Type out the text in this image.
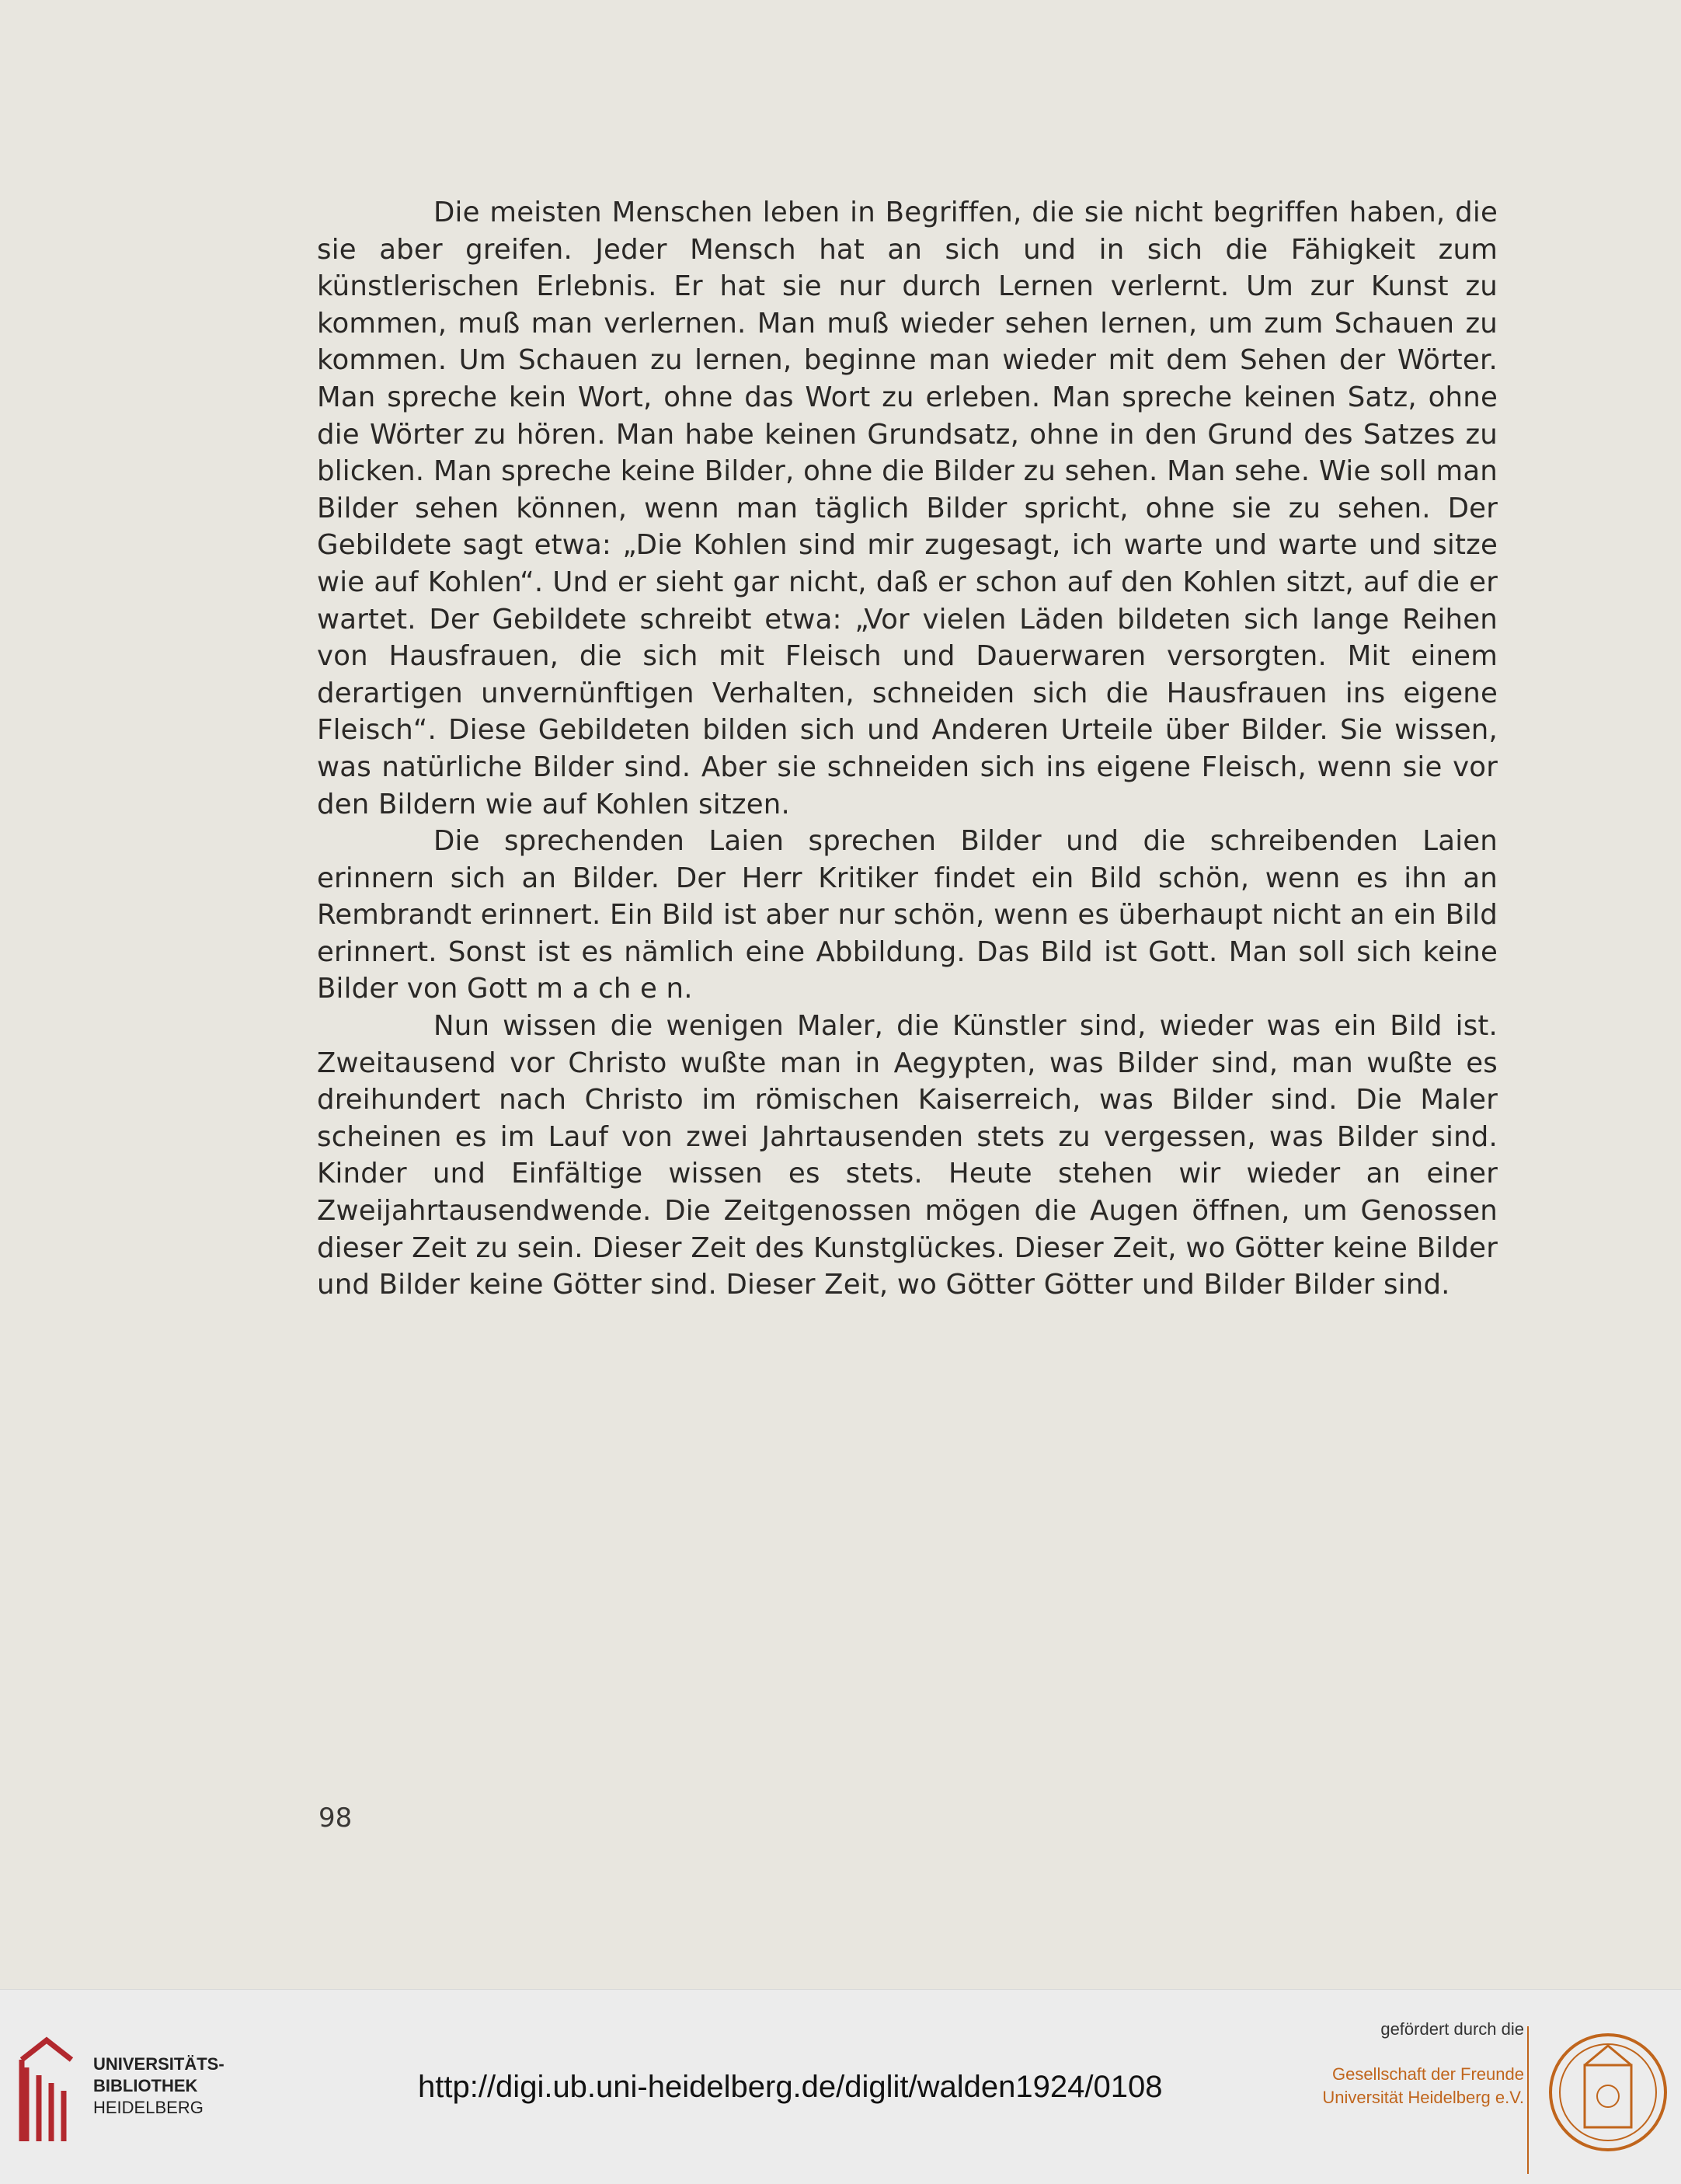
Die meisten Menschen leben in Begriffen, die sie nicht begriffen haben, die sie aber greifen. Jeder Mensch hat an sich und in sich die Fähigkeit zum künstlerischen Erlebnis. Er hat sie nur durch Lernen verlernt. Um zur Kunst zu kommen, muß man verlernen. Man muß wieder sehen lernen, um zum Schauen zu kommen. Um Schauen zu lernen, beginne man wieder mit dem Sehen der Wörter. Man spreche kein Wort, ohne das Wort zu erleben. Man spreche keinen Satz, ohne die Wörter zu hören. Man habe keinen Grundsatz, ohne in den Grund des Satzes zu blicken. Man spreche keine Bilder, ohne die Bilder zu sehen. Man sehe. Wie soll man Bilder sehen können, wenn man täglich Bilder spricht, ohne sie zu sehen. Der Gebildete sagt etwa: „Die Kohlen sind mir zugesagt, ich warte und warte und sitze wie auf Kohlen“. Und er sieht gar nicht, daß er schon auf den Kohlen sitzt, auf die er wartet. Der Gebildete schreibt etwa: „Vor vielen Läden bildeten sich lange Reihen von Hausfrauen, die sich mit Fleisch und Dauerwaren versorgten. Mit einem derartigen unvernünftigen Verhalten, schneiden sich die Hausfrauen ins eigene Fleisch“. Diese Gebildeten bilden sich und Anderen Urteile über Bilder. Sie wissen, was natürliche Bilder sind. Aber sie schneiden sich ins eigene Fleisch, wenn sie vor den Bildern wie auf Kohlen sitzen.

Die sprechenden Laien sprechen Bilder und die schreibenden Laien erinnern sich an Bilder. Der Herr Kritiker findet ein Bild schön, wenn es ihn an Rembrandt erinnert. Ein Bild ist aber nur schön, wenn es überhaupt nicht an ein Bild erinnert. Sonst ist es nämlich eine Abbildung. Das Bild ist Gott. Man soll sich keine Bilder von Gott m a ch e n.

Nun wissen die wenigen Maler, die Künstler sind, wieder was ein Bild ist. Zweitausend vor Christo wußte man in Aegypten, was Bilder sind, man wußte es dreihundert nach Christo im römischen Kaiserreich, was Bilder sind. Die Maler scheinen es im Lauf von zwei Jahrtausenden stets zu vergessen, was Bilder sind. Kinder und Einfältige wissen es stets. Heute stehen wir wieder an einer Zweijahrtausendwende. Die Zeitgenossen mögen die Augen öffnen, um Genossen dieser Zeit zu sein. Dieser Zeit des Kunstglückes. Dieser Zeit, wo Götter keine Bilder und Bilder keine Götter sind. Dieser Zeit, wo Götter Götter und Bilder Bilder sind.

98
UNIVERSITÄTS-
BIBLIOTHEK
HEIDELBERG
gefördert durch die
Gesellschaft der Freunde
Universität Heidelberg e.V.
http://digi.ub.uni-heidelberg.de/diglit/walden1924/0108
